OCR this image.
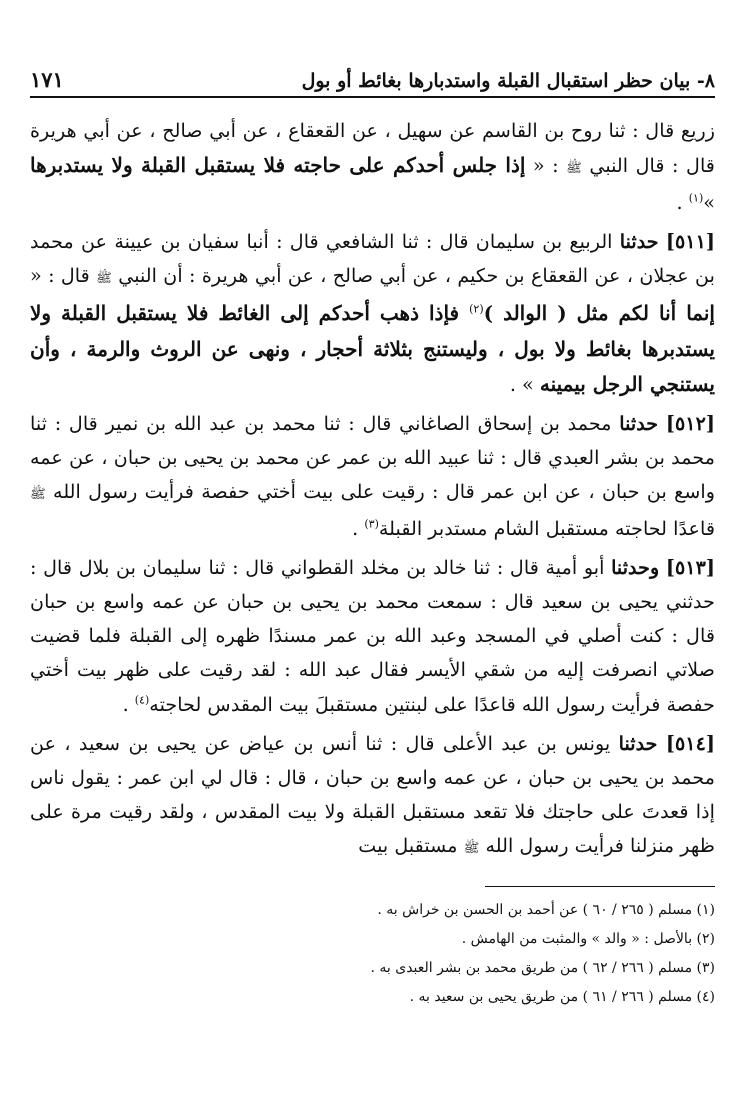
٨- بيان حظر استقبال القبلة واستدبارها بغائط أو بول
١٧١

زريع قال : ثنا روح بن القاسم عن سهيل ، عن القعقاع ، عن أبي صالح ، عن أبي هريرة قال : قال النبي ﷺ : « إذا جلس أحدكم على حاجته فلا يستقبل القبلة ولا يستدبرها »$^{(١)}$ .

[٥١١] حدثنا الربيع بن سليمان قال : ثنا الشافعي قال : أنبا سفيان بن عيينة عن محمد بن عجلان ، عن القعقاع بن حكيم ، عن أبي صالح ، عن أبي هريرة : أن النبي ﷺ قال : « إنما أنا لكم مثل ( الوالد )$^{(٢)}$ فإذا ذهب أحدكم إلى الغائط فلا يستقبل القبلة ولا يستدبرها بغائط ولا بول ، وليستنج بثلاثة أحجار ، ونهى عن الروث والرمة ، وأن يستنجي الرجل بيمينه » .

[٥١٢] حدثنا محمد بن إسحاق الصاغاني قال : ثنا محمد بن عبد الله بن نمير قال : ثنا محمد بن بشر العبدي قال : ثنا عبيد الله بن عمر عن محمد بن يحيى بن حبان ، عن عمه واسع بن حبان ، عن ابن عمر قال : رقيت على بيت أختي حفصة فرأيت رسول الله ﷺ قاعدًا لحاجته مستقبل الشام مستدبر القبلة$^{(٣)}$ .

[٥١٣] وحدثنا أبو أمية قال : ثنا خالد بن مخلد القطواني قال : ثنا سليمان بن بلال قال : حدثني يحيى بن سعيد قال : سمعت محمد بن يحيى بن حبان عن عمه واسع بن حبان قال : كنت أصلي في المسجد وعبد الله بن عمر مسندًا ظهره إلى القبلة فلما قضيت صلاتي انصرفت إليه من شقي الأيسر فقال عبد الله : لقد رقيت على ظهر بيت أختي حفصة فرأيت رسول الله قاعدًا على لبنتين مستقبلَ بيت المقدس لحاجته$^{(٤)}$ .

[٥١٤] حدثنا يونس بن عبد الأعلى قال : ثنا أنس بن عياض عن يحيى بن سعيد ، عن محمد بن يحيى بن حبان ، عن عمه واسع بن حبان ، قال : قال لي ابن عمر : يقول ناس إذا قعدتَ على حاجتك فلا تقعد مستقبل القبلة ولا بيت المقدس ، ولقد رقيت مرة على ظهر منزلنا فرأيت رسول الله ﷺ مستقبل بيت

(١) مسلم ( ٢٦٥ / ٦٠ ) عن أحمد بن الحسن بن خراش به .
(٢) بالأصل : « والد » والمثبت من الهامش .
(٣) مسلم ( ٢٦٦ / ٦٢ ) من طريق محمد بن بشر العبدى به .
(٤) مسلم ( ٢٦٦ / ٦١ ) من طريق يحيى بن سعيد به .
